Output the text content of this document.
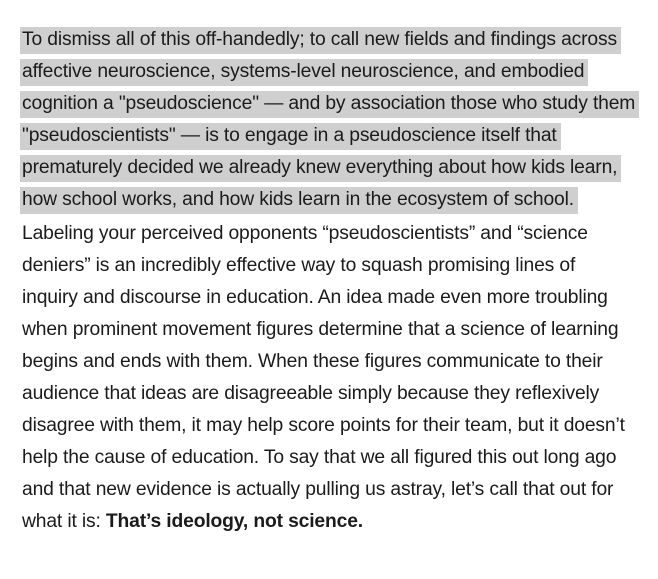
To dismiss all of this off-handedly; to call new fields and findings across
affective neuroscience, systems-level neuroscience, and embodied
cognition a "pseudoscience" — and by association those who study them
"pseudoscientists" — is to engage in a pseudoscience itself that
prematurely decided we already knew everything about how kids learn,
how school works, and how kids learn in the ecosystem of school.
Labeling your perceived opponents “pseudoscientists” and “science
deniers” is an incredibly effective way to squash promising lines of
inquiry and discourse in education. An idea made even more troubling
when prominent movement figures determine that a science of learning
begins and ends with them. When these figures communicate to their
audience that ideas are disagreeable simply because they reflexively
disagree with them, it may help score points for their team, but it doesn’t
help the cause of education. To say that we all figured this out long ago
and that new evidence is actually pulling us astray, let’s call that out for
what it is: That’s ideology, not science.
